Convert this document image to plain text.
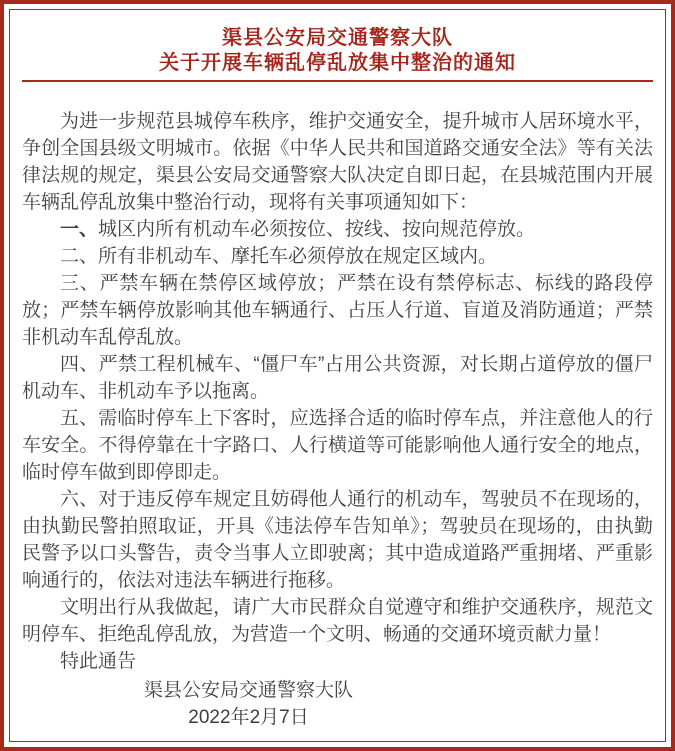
渠县公安局交通警察大队
关于开展车辆乱停乱放集中整治的通知

为进一步规范县城停车秩序，维护交通安全，提升城市人居环境水平，争创全国县级文明城市。依据《中华人民共和国道路交通安全法》等有关法律法规的规定，渠县公安局交通警察大队决定自即日起，在县城范围内开展车辆乱停乱放集中整治行动，现将有关事项通知如下：

一、城区内所有机动车必须按位、按线、按向规范停放。

二、所有非机动车、摩托车必须停放在规定区域内。

三、严禁车辆在禁停区域停放；严禁在设有禁停标志、标线的路段停放；严禁车辆停放影响其他车辆通行、占压人行道、盲道及消防通道；严禁非机动车乱停乱放。

四、严禁工程机械车、“僵尸车”占用公共资源，对长期占道停放的僵尸机动车、非机动车予以拖离。

五、需临时停车上下客时，应选择合适的临时停车点，并注意他人的行车安全。不得停靠在十字路口、人行横道等可能影响他人通行安全的地点，临时停车做到即停即走。

六、对于违反停车规定且妨碍他人通行的机动车，驾驶员不在现场的，由执勤民警拍照取证，开具《违法停车告知单》；驾驶员在现场的，由执勤民警予以口头警告，责令当事人立即驶离；其中造成道路严重拥堵、严重影响通行的，依法对违法车辆进行拖移。

文明出行从我做起，请广大市民群众自觉遵守和维护交通秩序，规范文明停车、拒绝乱停乱放，为营造一个文明、畅通的交通环境贡献力量！

特此通告

渠县公安局交通警察大队
2022年2月7日
